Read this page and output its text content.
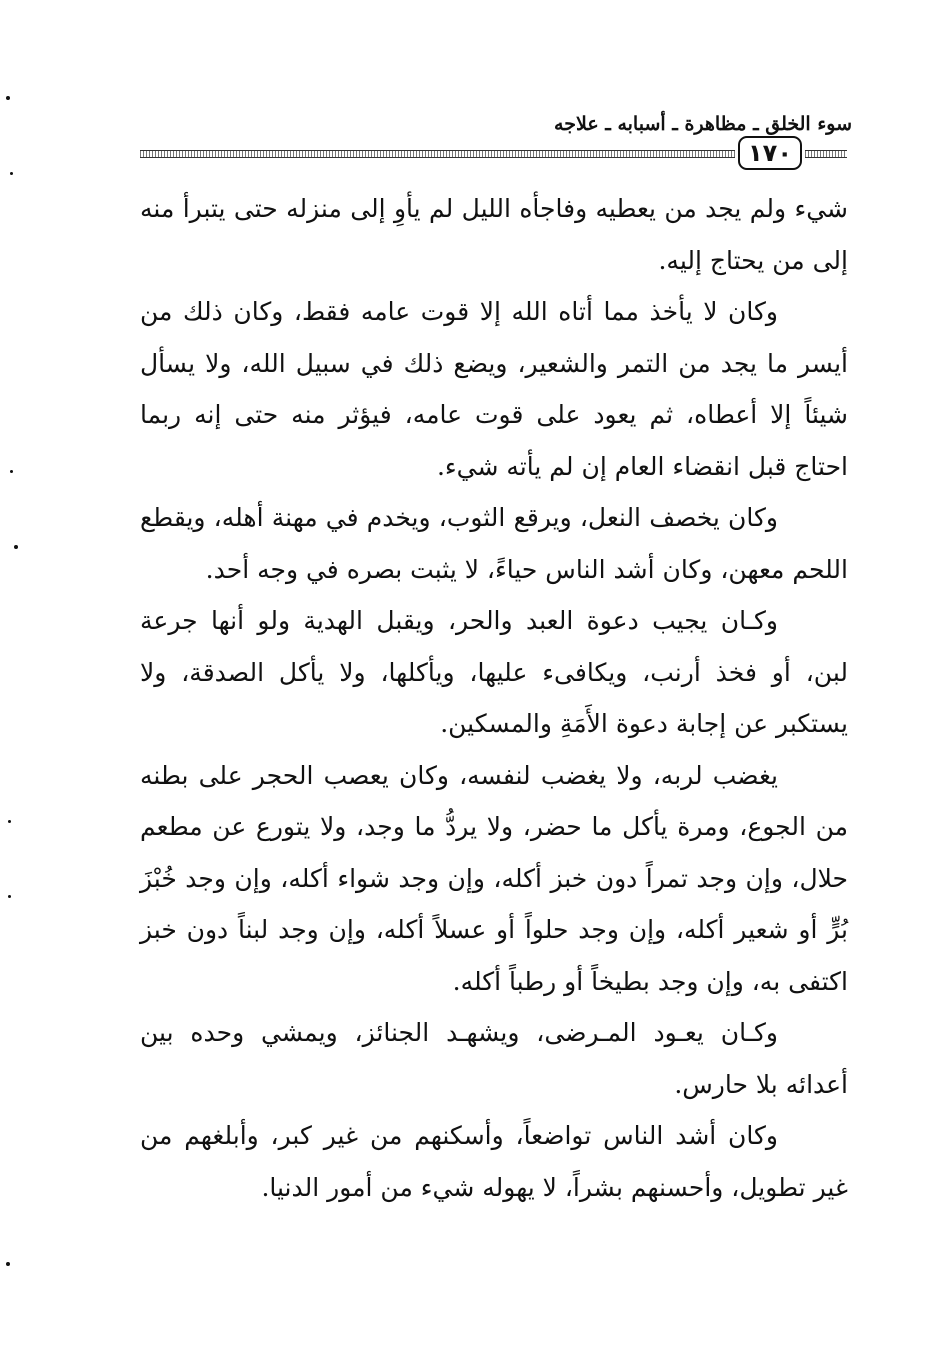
سوء الخلق ـ مظاهرة ـ أسبابه ـ علاجه
١٧٠

شيء ولم يجد من يعطيه وفاجأه الليل لم يأوِ إلى منزله حتى يتبرأ منه إلى من يحتاج إليه.

وكان لا يأخذ مما أتاه الله إلا قوت عامه فقط، وكان ذلك من أيسر ما يجد من التمر والشعير، ويضع ذلك في سبيل الله، ولا يسأل شيئاً إلا أعطاه، ثم يعود على قوت عامه، فيؤثر منه حتى إنه ربما احتاج قبل انقضاء العام إن لم يأته شيء.

وكان يخصف النعل، ويرقع الثوب، ويخدم في مهنة أهله، ويقطع اللحم معهن، وكان أشد الناس حياءً، لا يثبت بصره في وجه أحد.

وكـان يجيب دعوة العبد والحر، ويقبل الهدية ولو أنها جرعة لبن، أو فخذ أرنب، ويكافىء عليها، ويأكلها، ولا يأكل الصدقة، ولا يستكبر عن إجابة دعوة الأَمَةِ والمسكين.

يغضب لربه، ولا يغضب لنفسه، وكان يعصب الحجر على بطنه من الجوع، ومرة يأكل ما حضر، ولا يردُّ ما وجد، ولا يتورع عن مطعم حلال، وإن وجد تمراً دون خبز أكله، وإن وجد شواء أكله، وإن وجد خُبْزَ بُرٍّ أو شعير أكله، وإن وجد حلواً أو عسلاً أكله، وإن وجد لبناً دون خبز اكتفى به، وإن وجد بطيخاً أو رطباً أكله.

وكـان يعـود المـرضى، ويشهـد الجنائز، ويمشي وحده بين أعدائه بلا حارس.

وكان أشد الناس تواضعاً، وأسكنهم من غير كبر، وأبلغهم من غير تطويل، وأحسنهم بشراً، لا يهوله شيء من أمور الدنيا.
